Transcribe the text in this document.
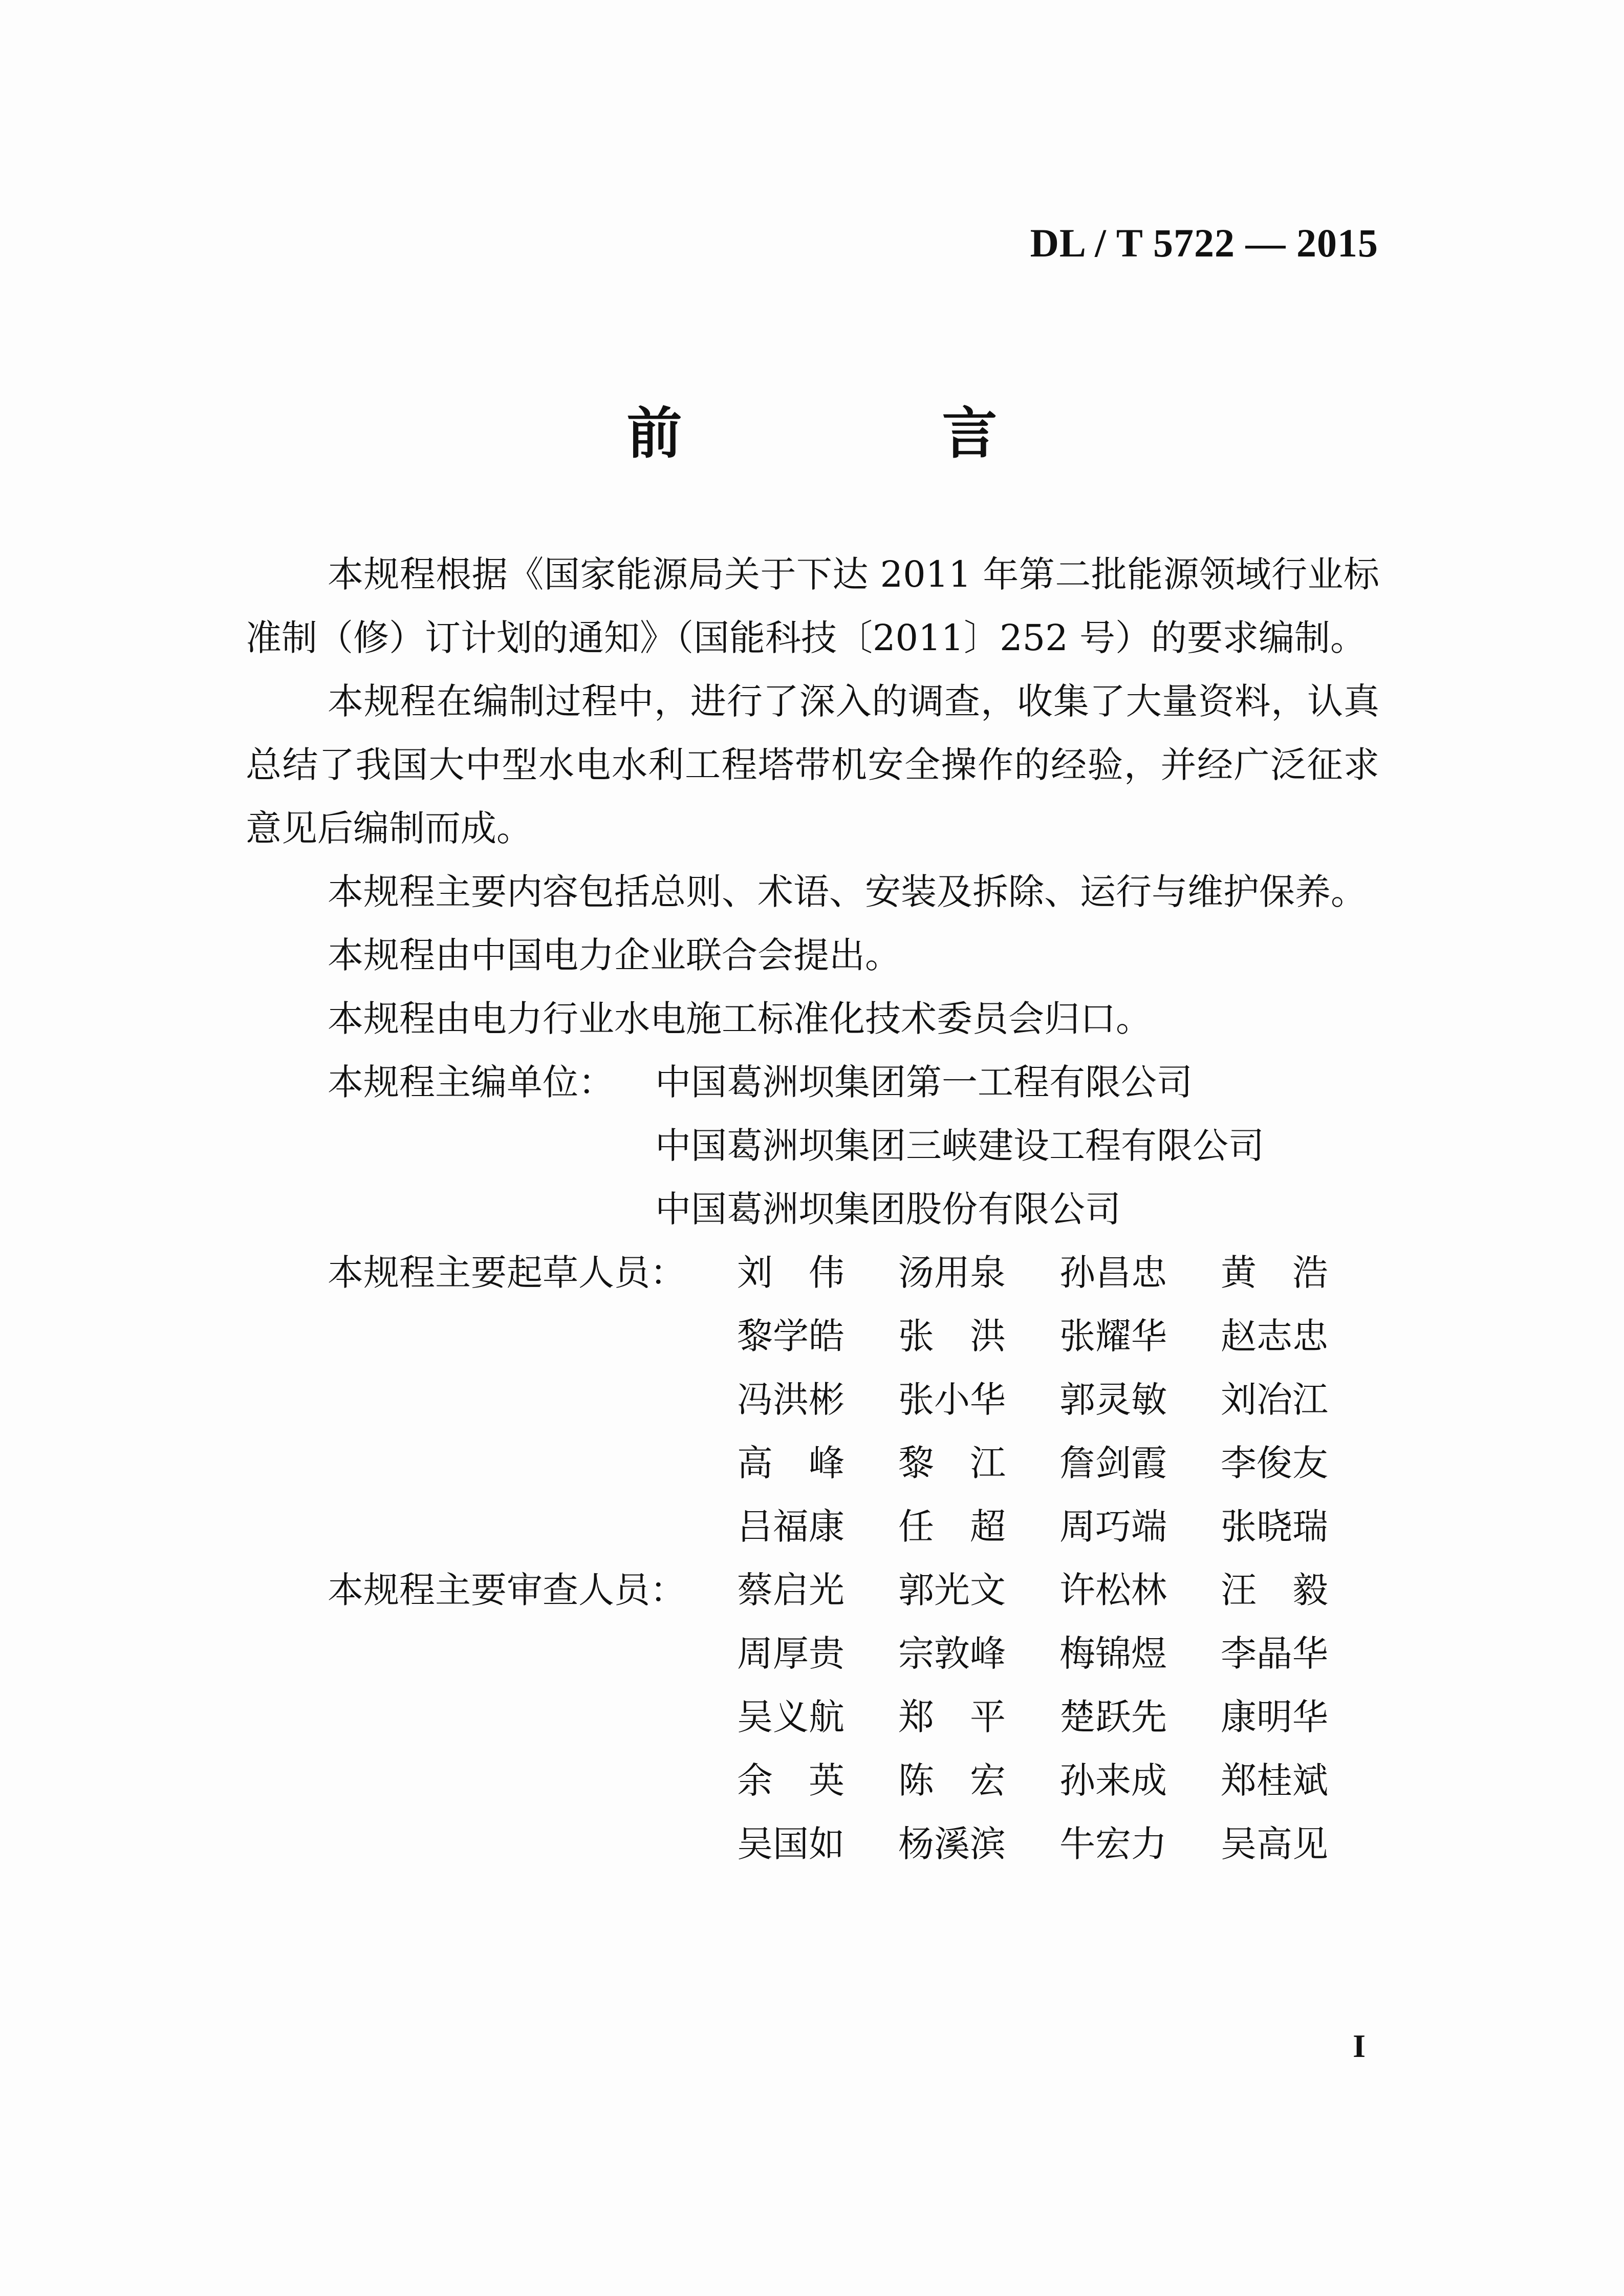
DL / T 5722 — 2015
前　言

本规程根据《国家能源局关于下达 2011 年第二批能源领域行业标准制（修）订计划的通知》（国能科技〔2011〕252 号）的要求编制。

本规程在编制过程中，进行了深入的调查，收集了大量资料，认真总结了我国大中型水电水利工程塔带机安全操作的经验，并经广泛征求意见后编制而成。

本规程主要内容包括总则、术语、安装及拆除、运行与维护保养。

本规程由中国电力企业联合会提出。

本规程由电力行业水电施工标准化技术委员会归口。

本规程主编单位：	中国葛洲坝集团第一工程有限公司
中国葛洲坝集团三峡建设工程有限公司
中国葛洲坝集团股份有限公司
本规程主要起草人员： 刘　伟	汤用泉	孙昌忠	黄　浩
黎学皓	张　洪	张耀华	赵志忠
冯洪彬	张小华	郭灵敏	刘冶江
高　峰	黎　江	詹剑霞	李俊友
吕福康	任　超	周巧端	张晓瑞
本规程主要审查人员： 蔡启光	郭光文	许松林	汪　毅
周厚贵	宗敦峰	梅锦煜	李晶华
吴义航	郑　平	楚跃先	康明华
余　英	陈　宏	孙来成	郑桂斌
吴国如	杨溪滨	牛宏力	吴高见
I
